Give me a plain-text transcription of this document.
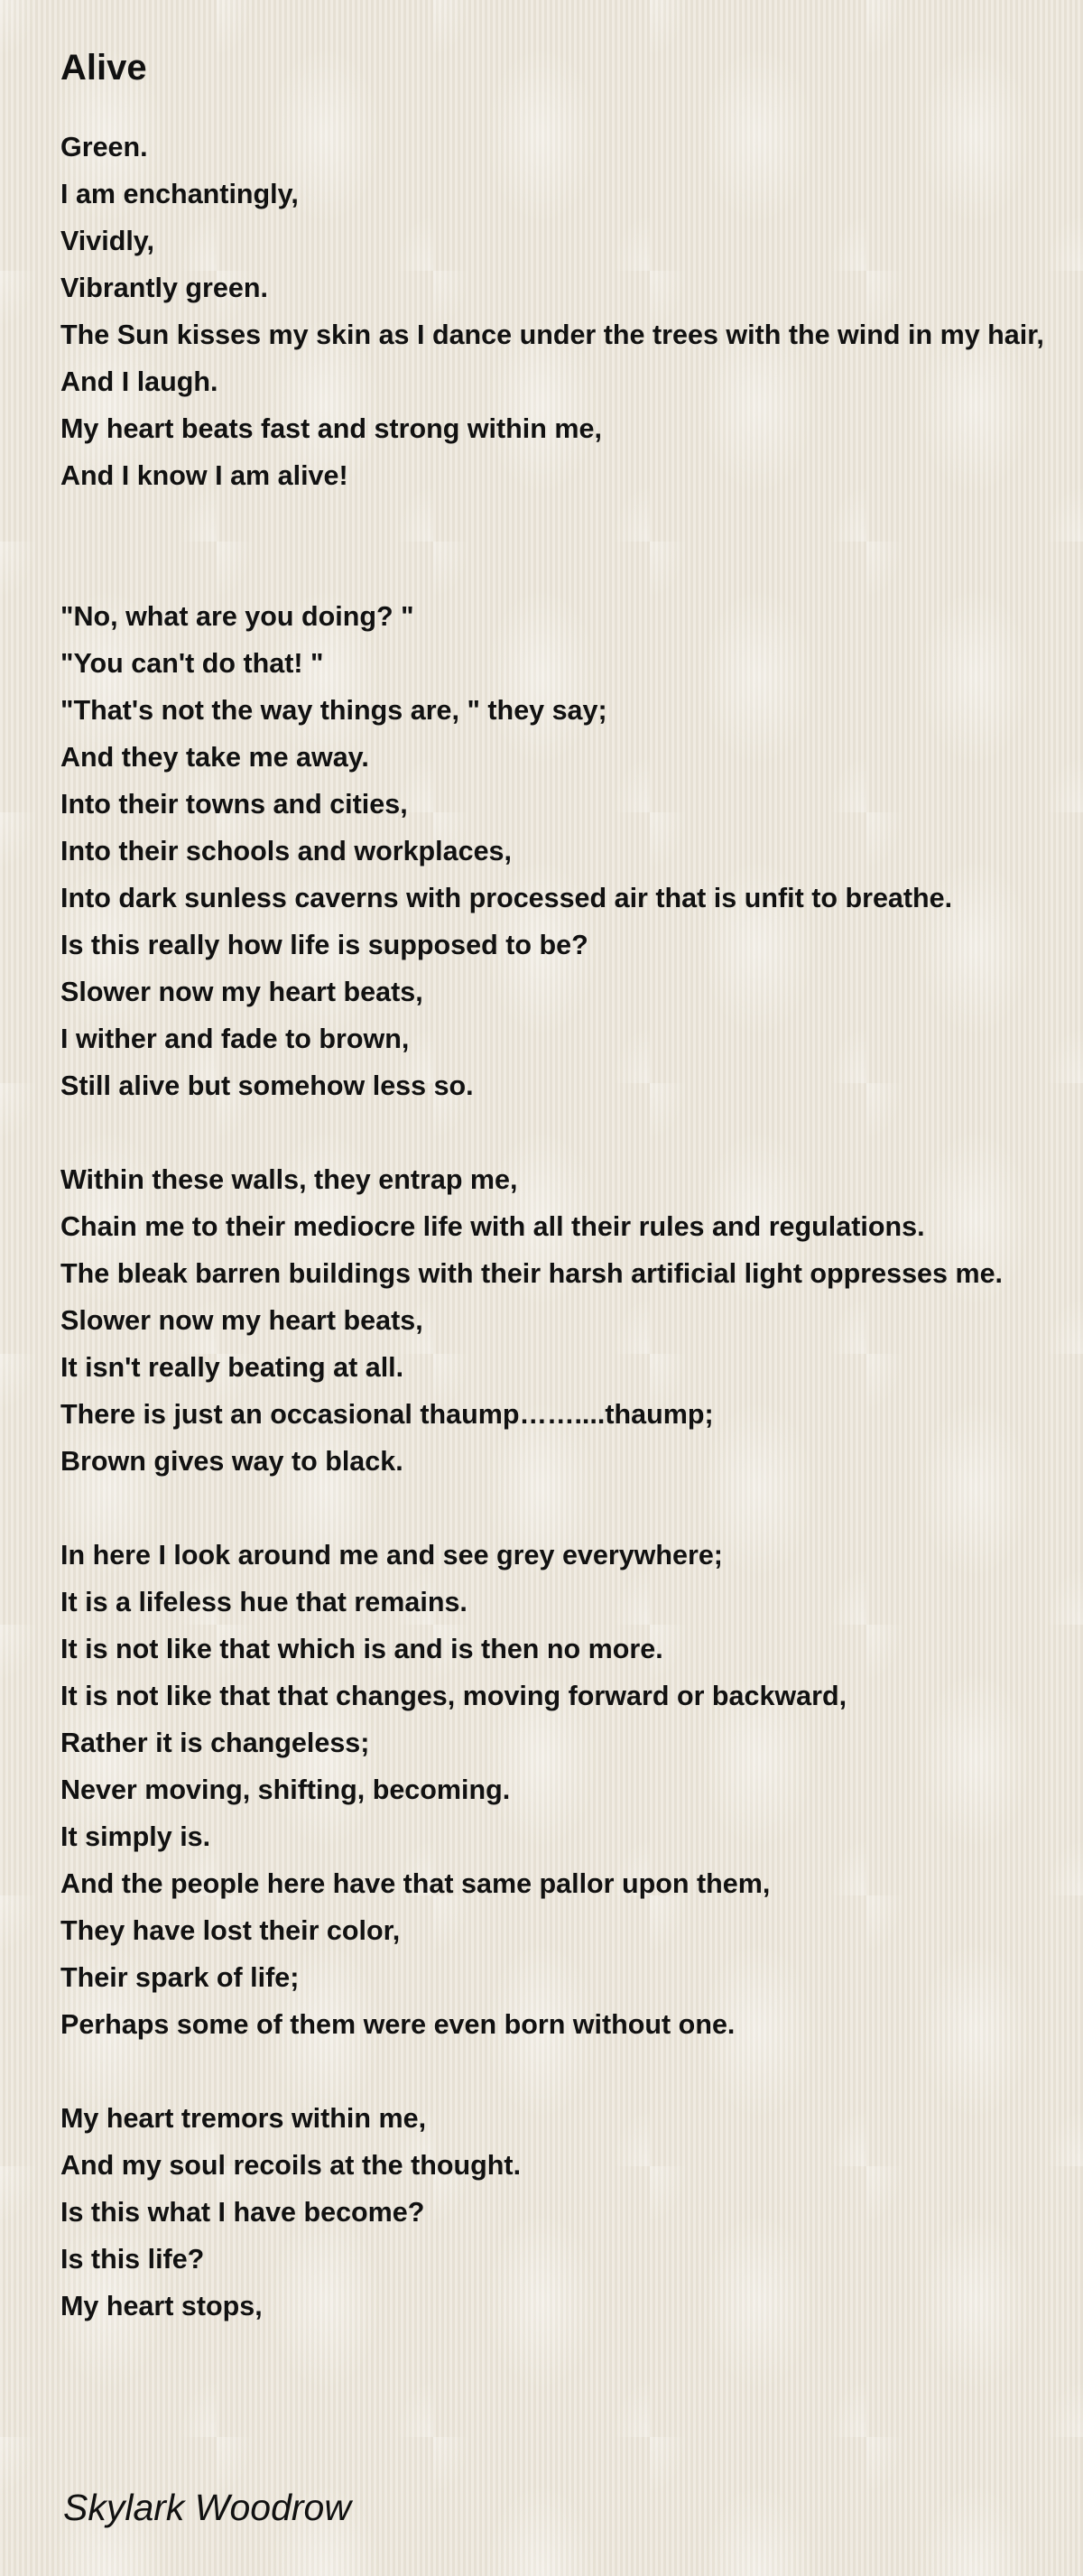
Alive
Green.
I am enchantingly,
Vividly,
Vibrantly green.
The Sun kisses my skin as I dance under the trees with the wind in my hair,
And I laugh.
My heart beats fast and strong within me,
And I know I am alive!
"No, what are you doing? "
"You can't do that! "
"That's not the way things are, " they say;
And they take me away.
Into their towns and cities,
Into their schools and workplaces,
Into dark sunless caverns with processed air that is unfit to breathe.
Is this really how life is supposed to be?
Slower now my heart beats,
I wither and fade to brown,
Still alive but somehow less so.
Within these walls, they entrap me,
Chain me to their mediocre life with all their rules and regulations.
The bleak barren buildings with their harsh artificial light oppresses me.
Slower now my heart beats,
It isn't really beating at all.
There is just an occasional thaump……....thaump;
Brown gives way to black.
In here I look around me and see grey everywhere;
It is a lifeless hue that remains.
It is not like that which is and is then no more.
It is not like that that changes, moving forward or backward,
Rather it is changeless;
Never moving, shifting, becoming.
It simply is.
And the people here have that same pallor upon them,
They have lost their color,
Their spark of life;
Perhaps some of them were even born without one.
My heart tremors within me,
And my soul recoils at the thought.
Is this what I have become?
Is this life?
My heart stops,
Skylark Woodrow
